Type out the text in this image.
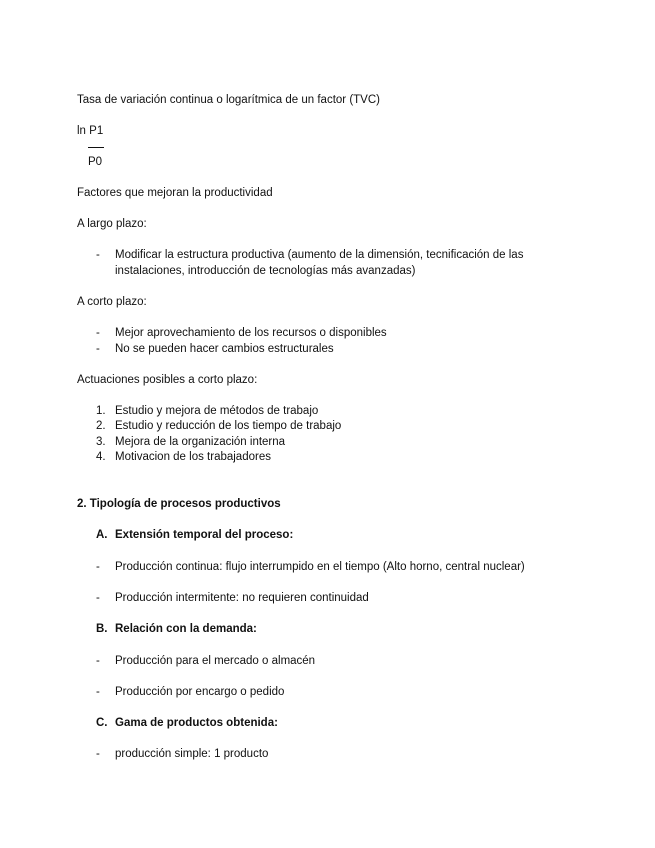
Tasa de variación continua o logarítmica de un factor (TVC)
ln P1
P0
Factores que mejoran la productividad
A largo plazo:
- Modificar la estructura productiva (aumento de la dimensión, tecnificación de las
instalaciones, introducción de tecnologías más avanzadas)
A corto plazo:
- Mejor aprovechamiento de los recursos o disponibles
- No se pueden hacer cambios estructurales
Actuaciones posibles a corto plazo:
1. Estudio y mejora de métodos de trabajo
2. Estudio y reducción de los tiempo de trabajo
3. Mejora de la organización interna
4. Motivacion de los trabajadores
2. Tipología de procesos productivos
A. Extensión temporal del proceso:
- Producción continua: flujo interrumpido en el tiempo (Alto horno, central nuclear)
- Producción intermitente: no requieren continuidad
B. Relación con la demanda:
- Producción para el mercado o almacén
- Producción por encargo o pedido
C. Gama de productos obtenida:
- producción simple: 1 producto
